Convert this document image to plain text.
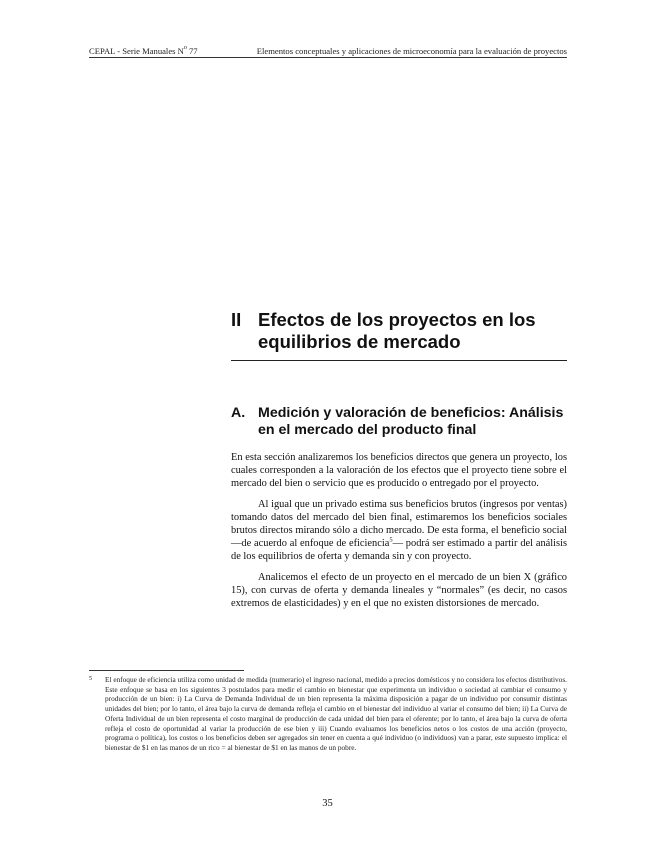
CEPAL - Serie Manuales $N^o$ 77	Elementos conceptuales y aplicaciones de microeconomía para la evaluación de proyectos
II Efectos de los proyectos en los equilibrios de mercado
A. Medición y valoración de beneficios: Análisis en el mercado del producto final

En esta sección analizaremos los beneficios directos que genera un proyecto, los cuales corresponden a la valoración de los efectos que el proyecto tiene sobre el mercado del bien o servicio que es producido o entregado por el proyecto.

Al igual que un privado estima sus beneficios brutos (ingresos por ventas) tomando datos del mercado del bien final, estimaremos los beneficios sociales brutos directos mirando sólo a dicho mercado. De esta forma, el beneficio social —de acuerdo al enfoque de eficiencia$^5$— podrá ser estimado a partir del análisis de los equilibrios de oferta y demanda sin y con proyecto.

Analicemos el efecto de un proyecto en el mercado de un bien X (gráfico 15), con curvas de oferta y demanda lineales y “normales” (es decir, no casos extremos de elasticidades) y en el que no existen distorsiones de mercado.

5 El enfoque de eficiencia utiliza como unidad de medida (numerario) el ingreso nacional, medido a precios domésticos y no considera los efectos distributivos. Este enfoque se basa en los siguientes 3 postulados para medir el cambio en bienestar que experimenta un individuo o sociedad al cambiar el consumo y producción de un bien: i) La Curva de Demanda Individual de un bien representa la máxima disposición a pagar de un individuo por consumir distintas unidades del bien; por lo tanto, el área bajo la curva de demanda refleja el cambio en el bienestar del individuo al variar el consumo del bien; ii) La Curva de Oferta Individual de un bien representa el costo marginal de producción de cada unidad del bien para el oferente; por lo tanto, el área bajo la curva de oferta refleja el costo de oportunidad al variar la producción de ese bien y iii) Cuando evaluamos los beneficios netos o los costos de una acción (proyecto, programa o política), los costos o los beneficios deben ser agregados sin tener en cuenta a qué individuo (o individuos) van a parar, este supuesto implica: el bienestar de $1 en las manos de un rico = al bienestar de $1 en las manos de un pobre.
35
